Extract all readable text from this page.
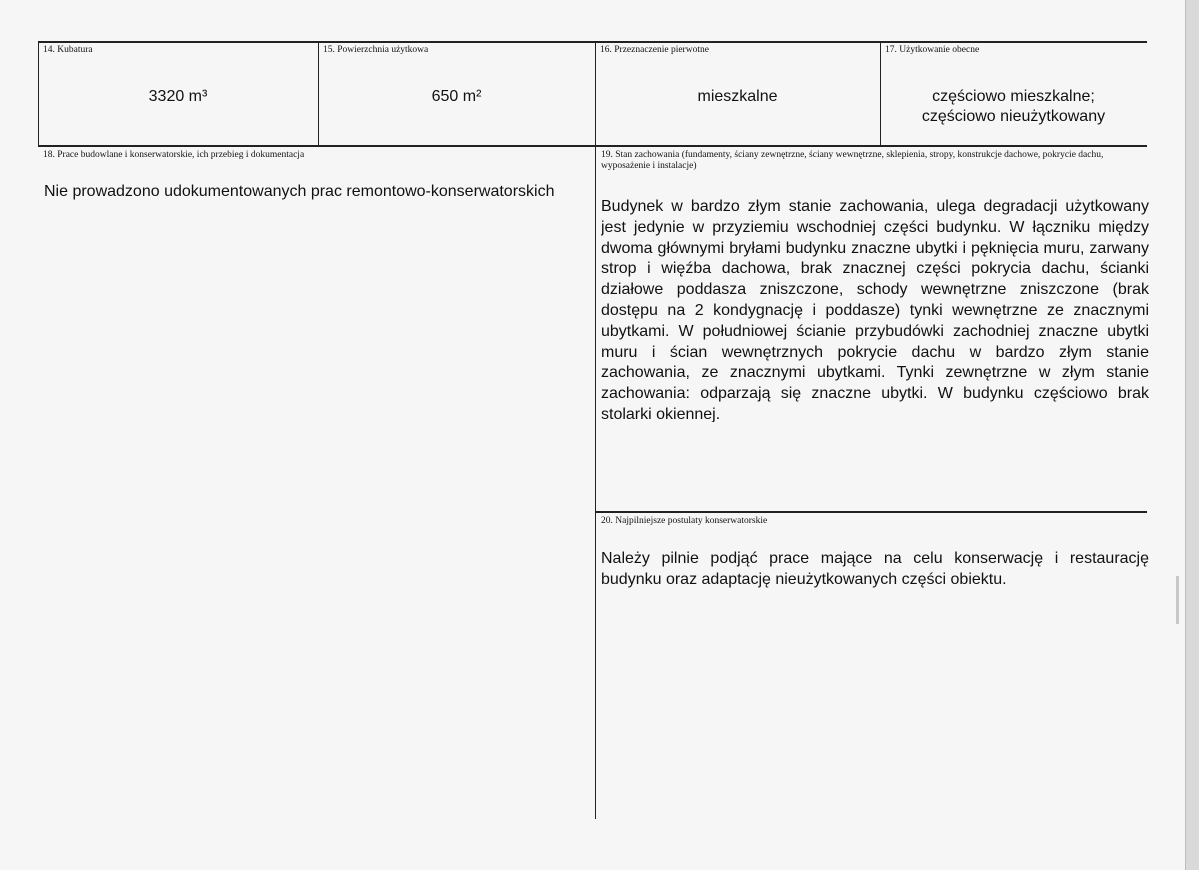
14. Kubatura
3320 m³
15. Powierzchnia użytkowa
650 m²
16. Przeznaczenie pierwotne
mieszkalne
17. Użytkowanie obecne
częściowo mieszkalne;
częściowo nieużytkowany
18. Prace budowlane i konserwatorskie, ich przebieg i dokumentacja
Nie prowadzono udokumentowanych prac remontowo-konserwatorskich
19. Stan zachowania (fundamenty, ściany zewnętrzne, ściany wewnętrzne, sklepienia, stropy, konstrukcje dachowe, pokrycie dachu, wyposażenie i instalacje)
Budynek w bardzo złym stanie zachowania, ulega degradacji użytkowany jest jedynie w przyziemiu wschodniej części budynku. W łączniku między dwoma głównymi bryłami budynku znaczne ubytki i pęknięcia muru, zarwany strop i więźba dachowa, brak znacznej części pokrycia dachu, ścianki działowe poddasza zniszczone, schody wewnętrzne zniszczone (brak dostępu na 2 kondygnację i poddasze) tynki wewnętrzne ze znacznymi ubytkami. W południowej ścianie przybudówki zachodniej znaczne ubytki muru i ścian wewnętrznych pokrycie dachu w bardzo złym stanie zachowania, ze znacznymi ubytkami. Tynki zewnętrzne w złym stanie zachowania: odparzają się znaczne ubytki. W budynku częściowo brak stolarki okiennej.
20. Najpilniejsze postulaty konserwatorskie
Należy pilnie podjąć prace mające na celu konserwację i restaurację budynku oraz adaptację nieużytkowanych części obiektu.
